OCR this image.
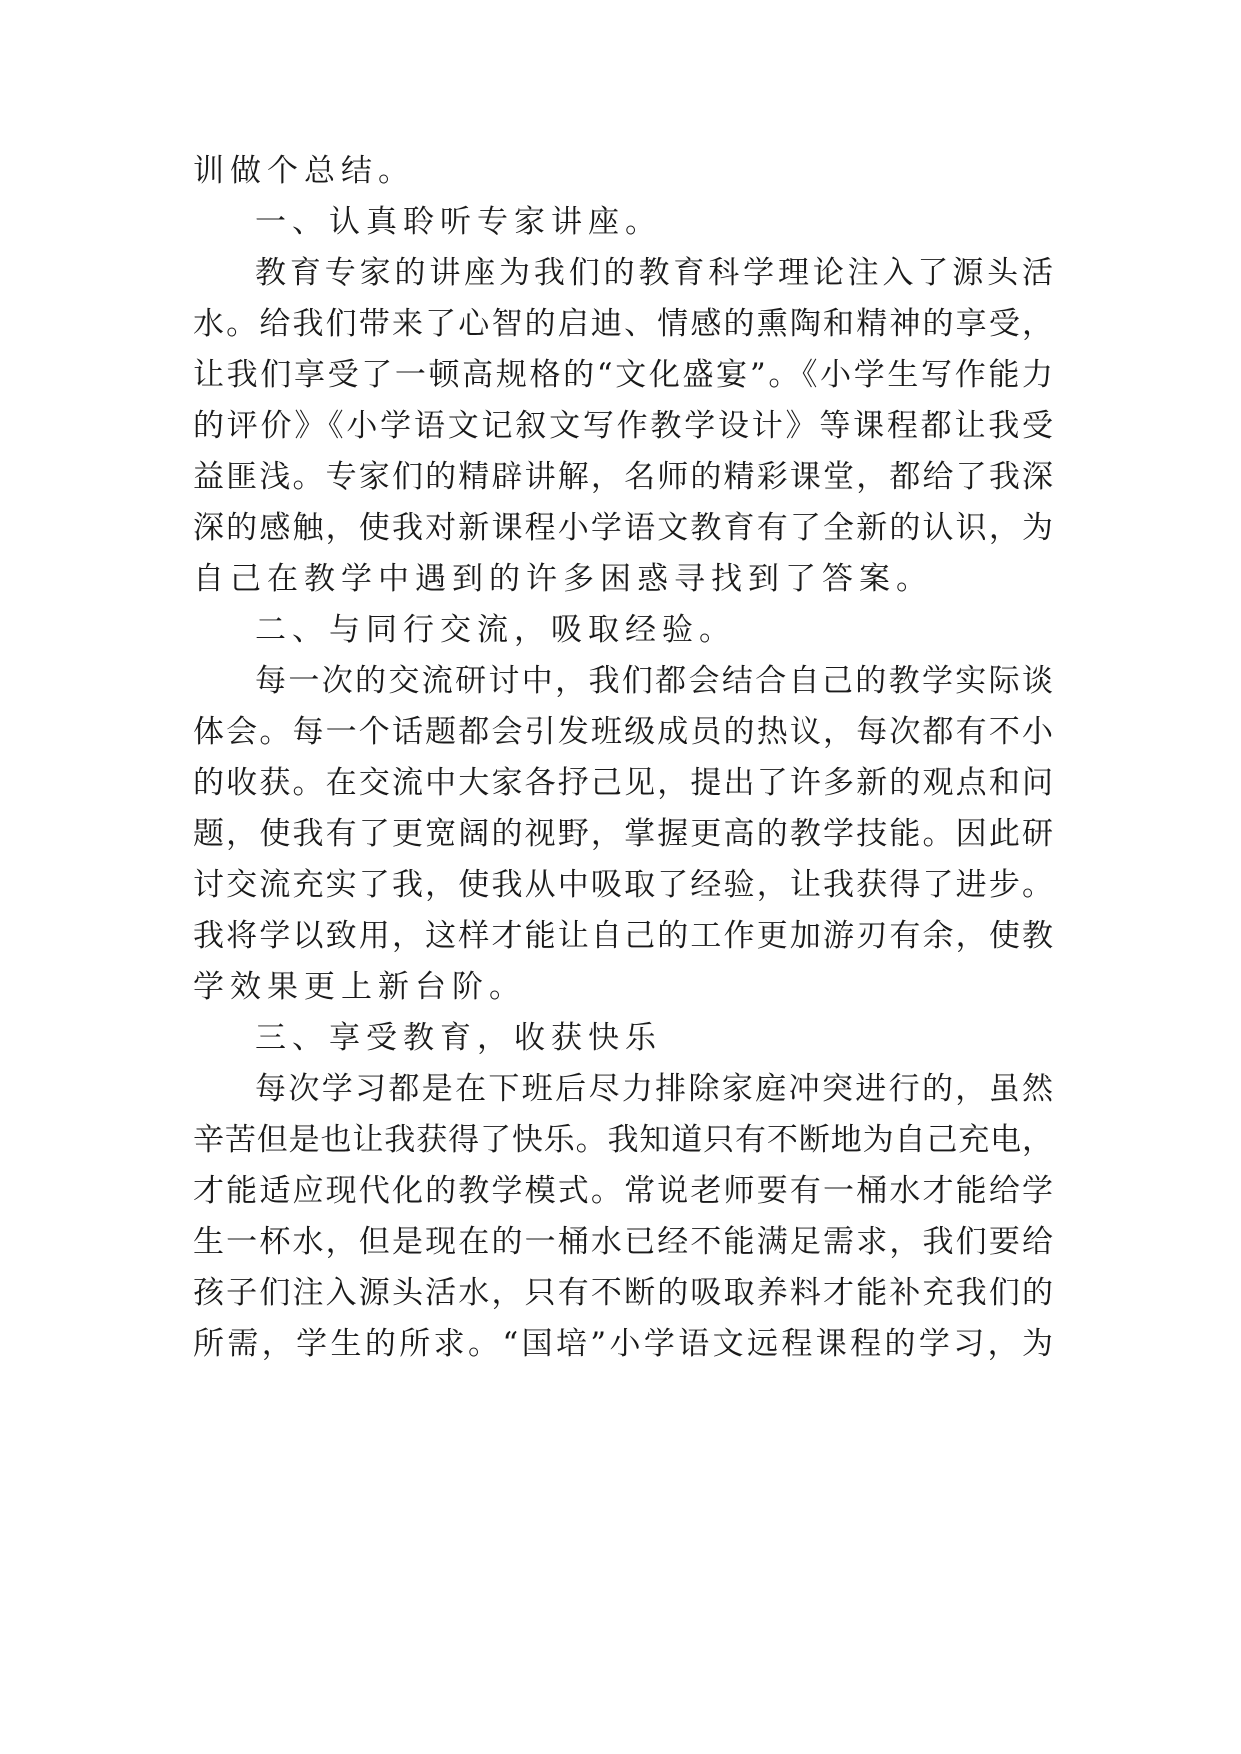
训做个总结。
一、认真聆听专家讲座。
教育专家的讲座为我们的教育科学理论注入了源头活
水。给我们带来了心智的启迪、情感的熏陶和精神的享受，
让我们享受了一顿高规格的“文化盛宴”。《小学生写作能力
的评价》《小学语文记叙文写作教学设计》等课程都让我受
益匪浅。专家们的精辟讲解，名师的精彩课堂，都给了我深
深的感触，使我对新课程小学语文教育有了全新的认识，为
自己在教学中遇到的许多困惑寻找到了答案。
二、与同行交流，吸取经验。
每一次的交流研讨中，我们都会结合自己的教学实际谈
体会。每一个话题都会引发班级成员的热议，每次都有不小
的收获。在交流中大家各抒己见，提出了许多新的观点和问
题，使我有了更宽阔的视野，掌握更高的教学技能。因此研
讨交流充实了我，使我从中吸取了经验，让我获得了进步。
我将学以致用，这样才能让自己的工作更加游刃有余，使教
学效果更上新台阶。
三、享受教育，收获快乐
每次学习都是在下班后尽力排除家庭冲突进行的，虽然
辛苦但是也让我获得了快乐。我知道只有不断地为自己充电，
才能适应现代化的教学模式。常说老师要有一桶水才能给学
生一杯水，但是现在的一桶水已经不能满足需求，我们要给
孩子们注入源头活水，只有不断的吸取养料才能补充我们的
所需，学生的所求。“国培”小学语文远程课程的学习，为
